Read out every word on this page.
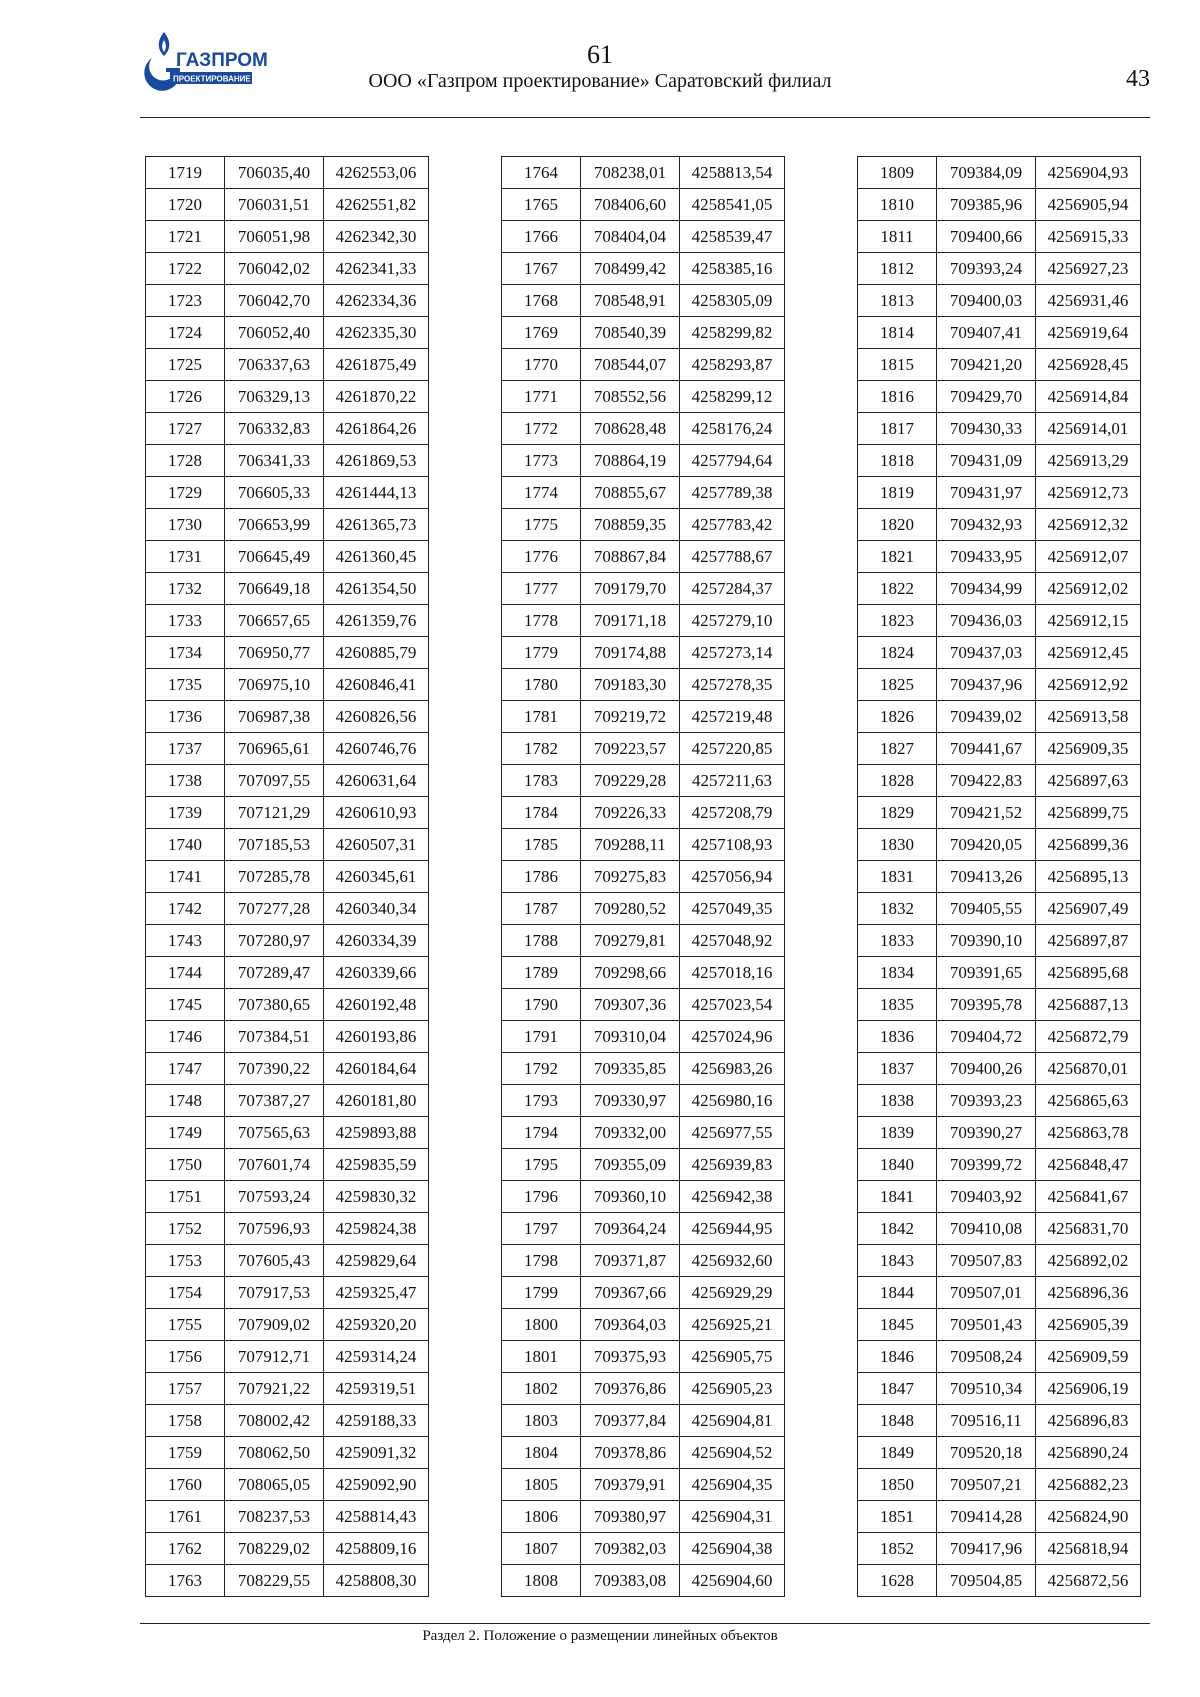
ГАЗПРОМ
ПРОЕКТИРОВАНИЕ
61
ООО «Газпром проектирование» Саратовский филиал	43
1719	706035,40	4262553,06
1720	706031,51	4262551,82
1721	706051,98	4262342,30
1722	706042,02	4262341,33
1723	706042,70	4262334,36
1724	706052,40	4262335,30
1725	706337,63	4261875,49
1726	706329,13	4261870,22
1727	706332,83	4261864,26
1728	706341,33	4261869,53
1729	706605,33	4261444,13
1730	706653,99	4261365,73
1731	706645,49	4261360,45
1732	706649,18	4261354,50
1733	706657,65	4261359,76
1734	706950,77	4260885,79
1735	706975,10	4260846,41
1736	706987,38	4260826,56
1737	706965,61	4260746,76
1738	707097,55	4260631,64
1739	707121,29	4260610,93
1740	707185,53	4260507,31
1741	707285,78	4260345,61
1742	707277,28	4260340,34
1743	707280,97	4260334,39
1744	707289,47	4260339,66
1745	707380,65	4260192,48
1746	707384,51	4260193,86
1747	707390,22	4260184,64
1748	707387,27	4260181,80
1749	707565,63	4259893,88
1750	707601,74	4259835,59
1751	707593,24	4259830,32
1752	707596,93	4259824,38
1753	707605,43	4259829,64
1754	707917,53	4259325,47
1755	707909,02	4259320,20
1756	707912,71	4259314,24
1757	707921,22	4259319,51
1758	708002,42	4259188,33
1759	708062,50	4259091,32
1760	708065,05	4259092,90
1761	708237,53	4258814,43
1762	708229,02	4258809,16
1763	708229,55	4258808,30
1764	708238,01	4258813,54
1765	708406,60	4258541,05
1766	708404,04	4258539,47
1767	708499,42	4258385,16
1768	708548,91	4258305,09
1769	708540,39	4258299,82
1770	708544,07	4258293,87
1771	708552,56	4258299,12
1772	708628,48	4258176,24
1773	708864,19	4257794,64
1774	708855,67	4257789,38
1775	708859,35	4257783,42
1776	708867,84	4257788,67
1777	709179,70	4257284,37
1778	709171,18	4257279,10
1779	709174,88	4257273,14
1780	709183,30	4257278,35
1781	709219,72	4257219,48
1782	709223,57	4257220,85
1783	709229,28	4257211,63
1784	709226,33	4257208,79
1785	709288,11	4257108,93
1786	709275,83	4257056,94
1787	709280,52	4257049,35
1788	709279,81	4257048,92
1789	709298,66	4257018,16
1790	709307,36	4257023,54
1791	709310,04	4257024,96
1792	709335,85	4256983,26
1793	709330,97	4256980,16
1794	709332,00	4256977,55
1795	709355,09	4256939,83
1796	709360,10	4256942,38
1797	709364,24	4256944,95
1798	709371,87	4256932,60
1799	709367,66	4256929,29
1800	709364,03	4256925,21
1801	709375,93	4256905,75
1802	709376,86	4256905,23
1803	709377,84	4256904,81
1804	709378,86	4256904,52
1805	709379,91	4256904,35
1806	709380,97	4256904,31
1807	709382,03	4256904,38
1808	709383,08	4256904,60
1809	709384,09	4256904,93
1810	709385,96	4256905,94
1811	709400,66	4256915,33
1812	709393,24	4256927,23
1813	709400,03	4256931,46
1814	709407,41	4256919,64
1815	709421,20	4256928,45
1816	709429,70	4256914,84
1817	709430,33	4256914,01
1818	709431,09	4256913,29
1819	709431,97	4256912,73
1820	709432,93	4256912,32
1821	709433,95	4256912,07
1822	709434,99	4256912,02
1823	709436,03	4256912,15
1824	709437,03	4256912,45
1825	709437,96	4256912,92
1826	709439,02	4256913,58
1827	709441,67	4256909,35
1828	709422,83	4256897,63
1829	709421,52	4256899,75
1830	709420,05	4256899,36
1831	709413,26	4256895,13
1832	709405,55	4256907,49
1833	709390,10	4256897,87
1834	709391,65	4256895,68
1835	709395,78	4256887,13
1836	709404,72	4256872,79
1837	709400,26	4256870,01
1838	709393,23	4256865,63
1839	709390,27	4256863,78
1840	709399,72	4256848,47
1841	709403,92	4256841,67
1842	709410,08	4256831,70
1843	709507,83	4256892,02
1844	709507,01	4256896,36
1845	709501,43	4256905,39
1846	709508,24	4256909,59
1847	709510,34	4256906,19
1848	709516,11	4256896,83
1849	709520,18	4256890,24
1850	709507,21	4256882,23
1851	709414,28	4256824,90
1852	709417,96	4256818,94
1628	709504,85	4256872,56
Раздел 2. Положение о размещении линейных объектов
